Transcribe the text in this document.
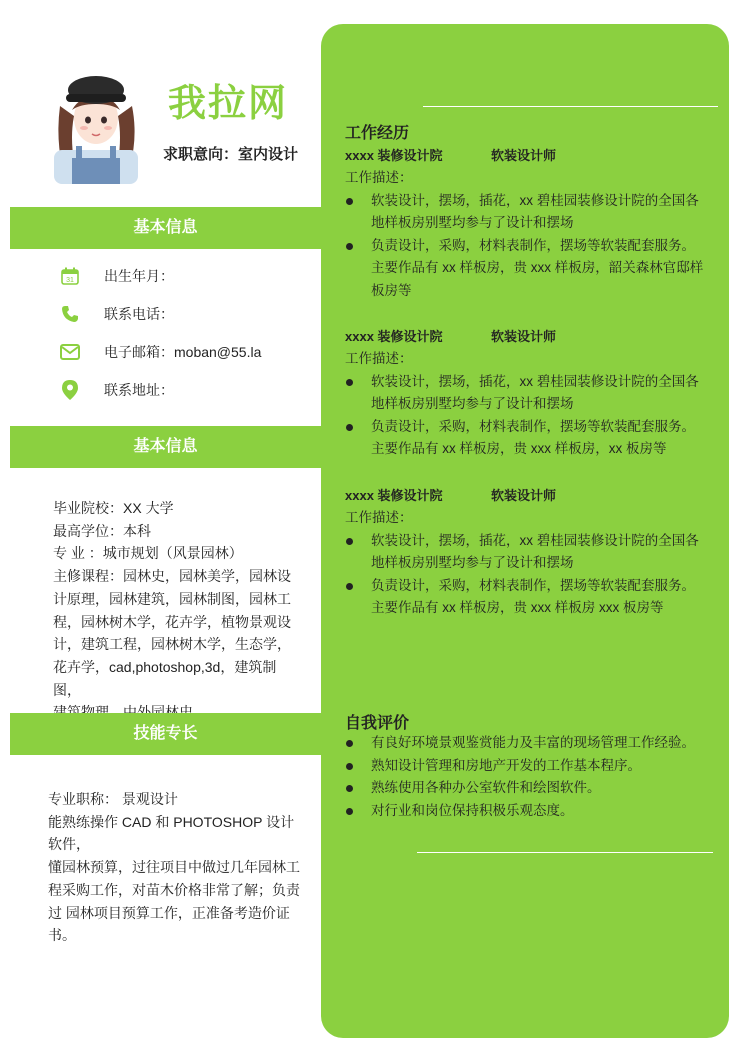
我拉网
求职意向：室内设计
基本信息
31 出生年月：
联系电话：
电子邮箱：moban@55.la
联系地址：
基本信息
毕业院校：XX 大学
最高学位：本科
专 业 ：城市规划（风景园林）
主修课程：园林史，园林美学，园林设
计原理，园林建筑，园林制图，园林工
程，园林树木学，花卉学，植物景观设
计，建筑工程，园林树木学，生态学，
花卉学，cad,photoshop,3d，建筑制图，
技能专长
专业职称： 景观设计
能熟练操作 CAD 和 PHOTOSHOP 设计
软件，
懂园林预算，过往项目中做过几年园林工
程采购工作，对苗木价格非常了解；负责
过 园林项目预算工作，正准备考造价证
书。
工作经历
xxxx 装修设计院	软装设计师
工作描述：
软装设计，摆场，插花，xx 碧桂园装修设计院的全国各
地样板房别墅均参与了设计和摆场
负责设计，采购，材料表制作，摆场等软装配套服务。
主要作品有 xx 样板房，贵 xxx 样板房，韶关森林官邸样
板房等
xxxx 装修设计院	软装设计师
工作描述：
软装设计，摆场，插花，xx 碧桂园装修设计院的全国各
地样板房别墅均参与了设计和摆场
负责设计，采购，材料表制作，摆场等软装配套服务。
主要作品有 xx 样板房，贵 xxx 样板房，xx 板房等
xxxx 装修设计院	软装设计师
工作描述：
软装设计，摆场，插花，xx 碧桂园装修设计院的全国各
地样板房别墅均参与了设计和摆场
负责设计，采购，材料表制作，摆场等软装配套服务。
主要作品有 xx 样板房，贵 xxx 样板房 xxx 板房等
自我评价
有良好环境景观鉴赏能力及丰富的现场管理工作经验。
熟知设计管理和房地产开发的工作基本程序。
熟练使用各种办公室软件和绘图软件。
对行业和岗位保持积极乐观态度。
